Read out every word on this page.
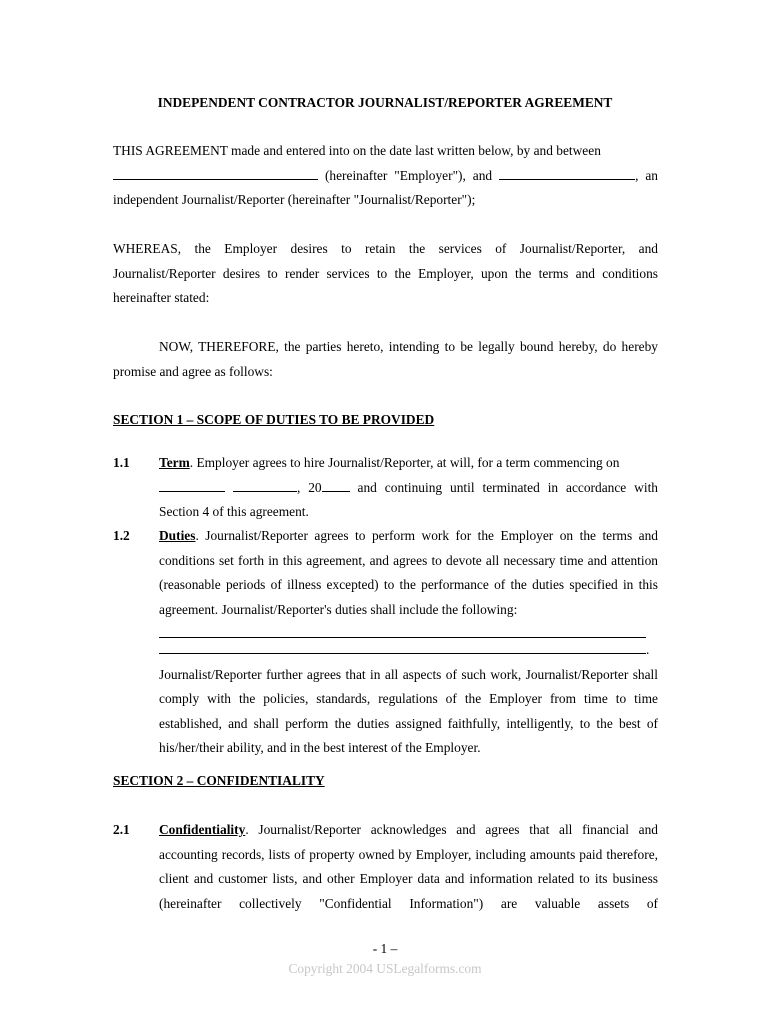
INDEPENDENT CONTRACTOR JOURNALIST/REPORTER AGREEMENT

THIS AGREEMENT made and entered into on the date last written below, by and between

(hereinafter "Employer"), and	, an

independent Journalist/Reporter (hereinafter "Journalist/Reporter");

WHEREAS, the Employer desires to retain the services of Journalist/Reporter, and Journalist/Reporter desires to render services to the Employer, upon the terms and conditions hereinafter stated:
NOW, THEREFORE, the parties hereto, intending to be legally bound hereby, do hereby promise and agree as follows:
SECTION 1 – SCOPE OF DUTIES TO BE PROVIDED
1.1 Term. Employer agrees to hire Journalist/Reporter, at will, for a term commencing on

, 20	and continuing until terminated in accordance with

Section 4 of this agreement.

1.2 Duties. Journalist/Reporter agrees to perform work for the Employer on the terms and conditions set forth in this agreement, and agrees to devote all necessary time and attention (reasonable periods of illness excepted) to the performance of the duties specified in this agreement. Journalist/Reporter's duties shall include the following:

.

Journalist/Reporter further agrees that in all aspects of such work, Journalist/Reporter shall comply with the policies, standards, regulations of the Employer from time to time established, and shall perform the duties assigned faithfully, intelligently, to the best of his/her/their ability, and in the best interest of the Employer.

SECTION 2 – CONFIDENTIALITY
2.1 Confidentiality. Journalist/Reporter acknowledges and agrees that all financial and accounting records, lists of property owned by Employer, including amounts paid therefore, client and customer lists, and other Employer data and information related to its business (hereinafter collectively "Confidential Information") are valuable assets of

- 1 –
Copyright 2004 USLegalforms.com
